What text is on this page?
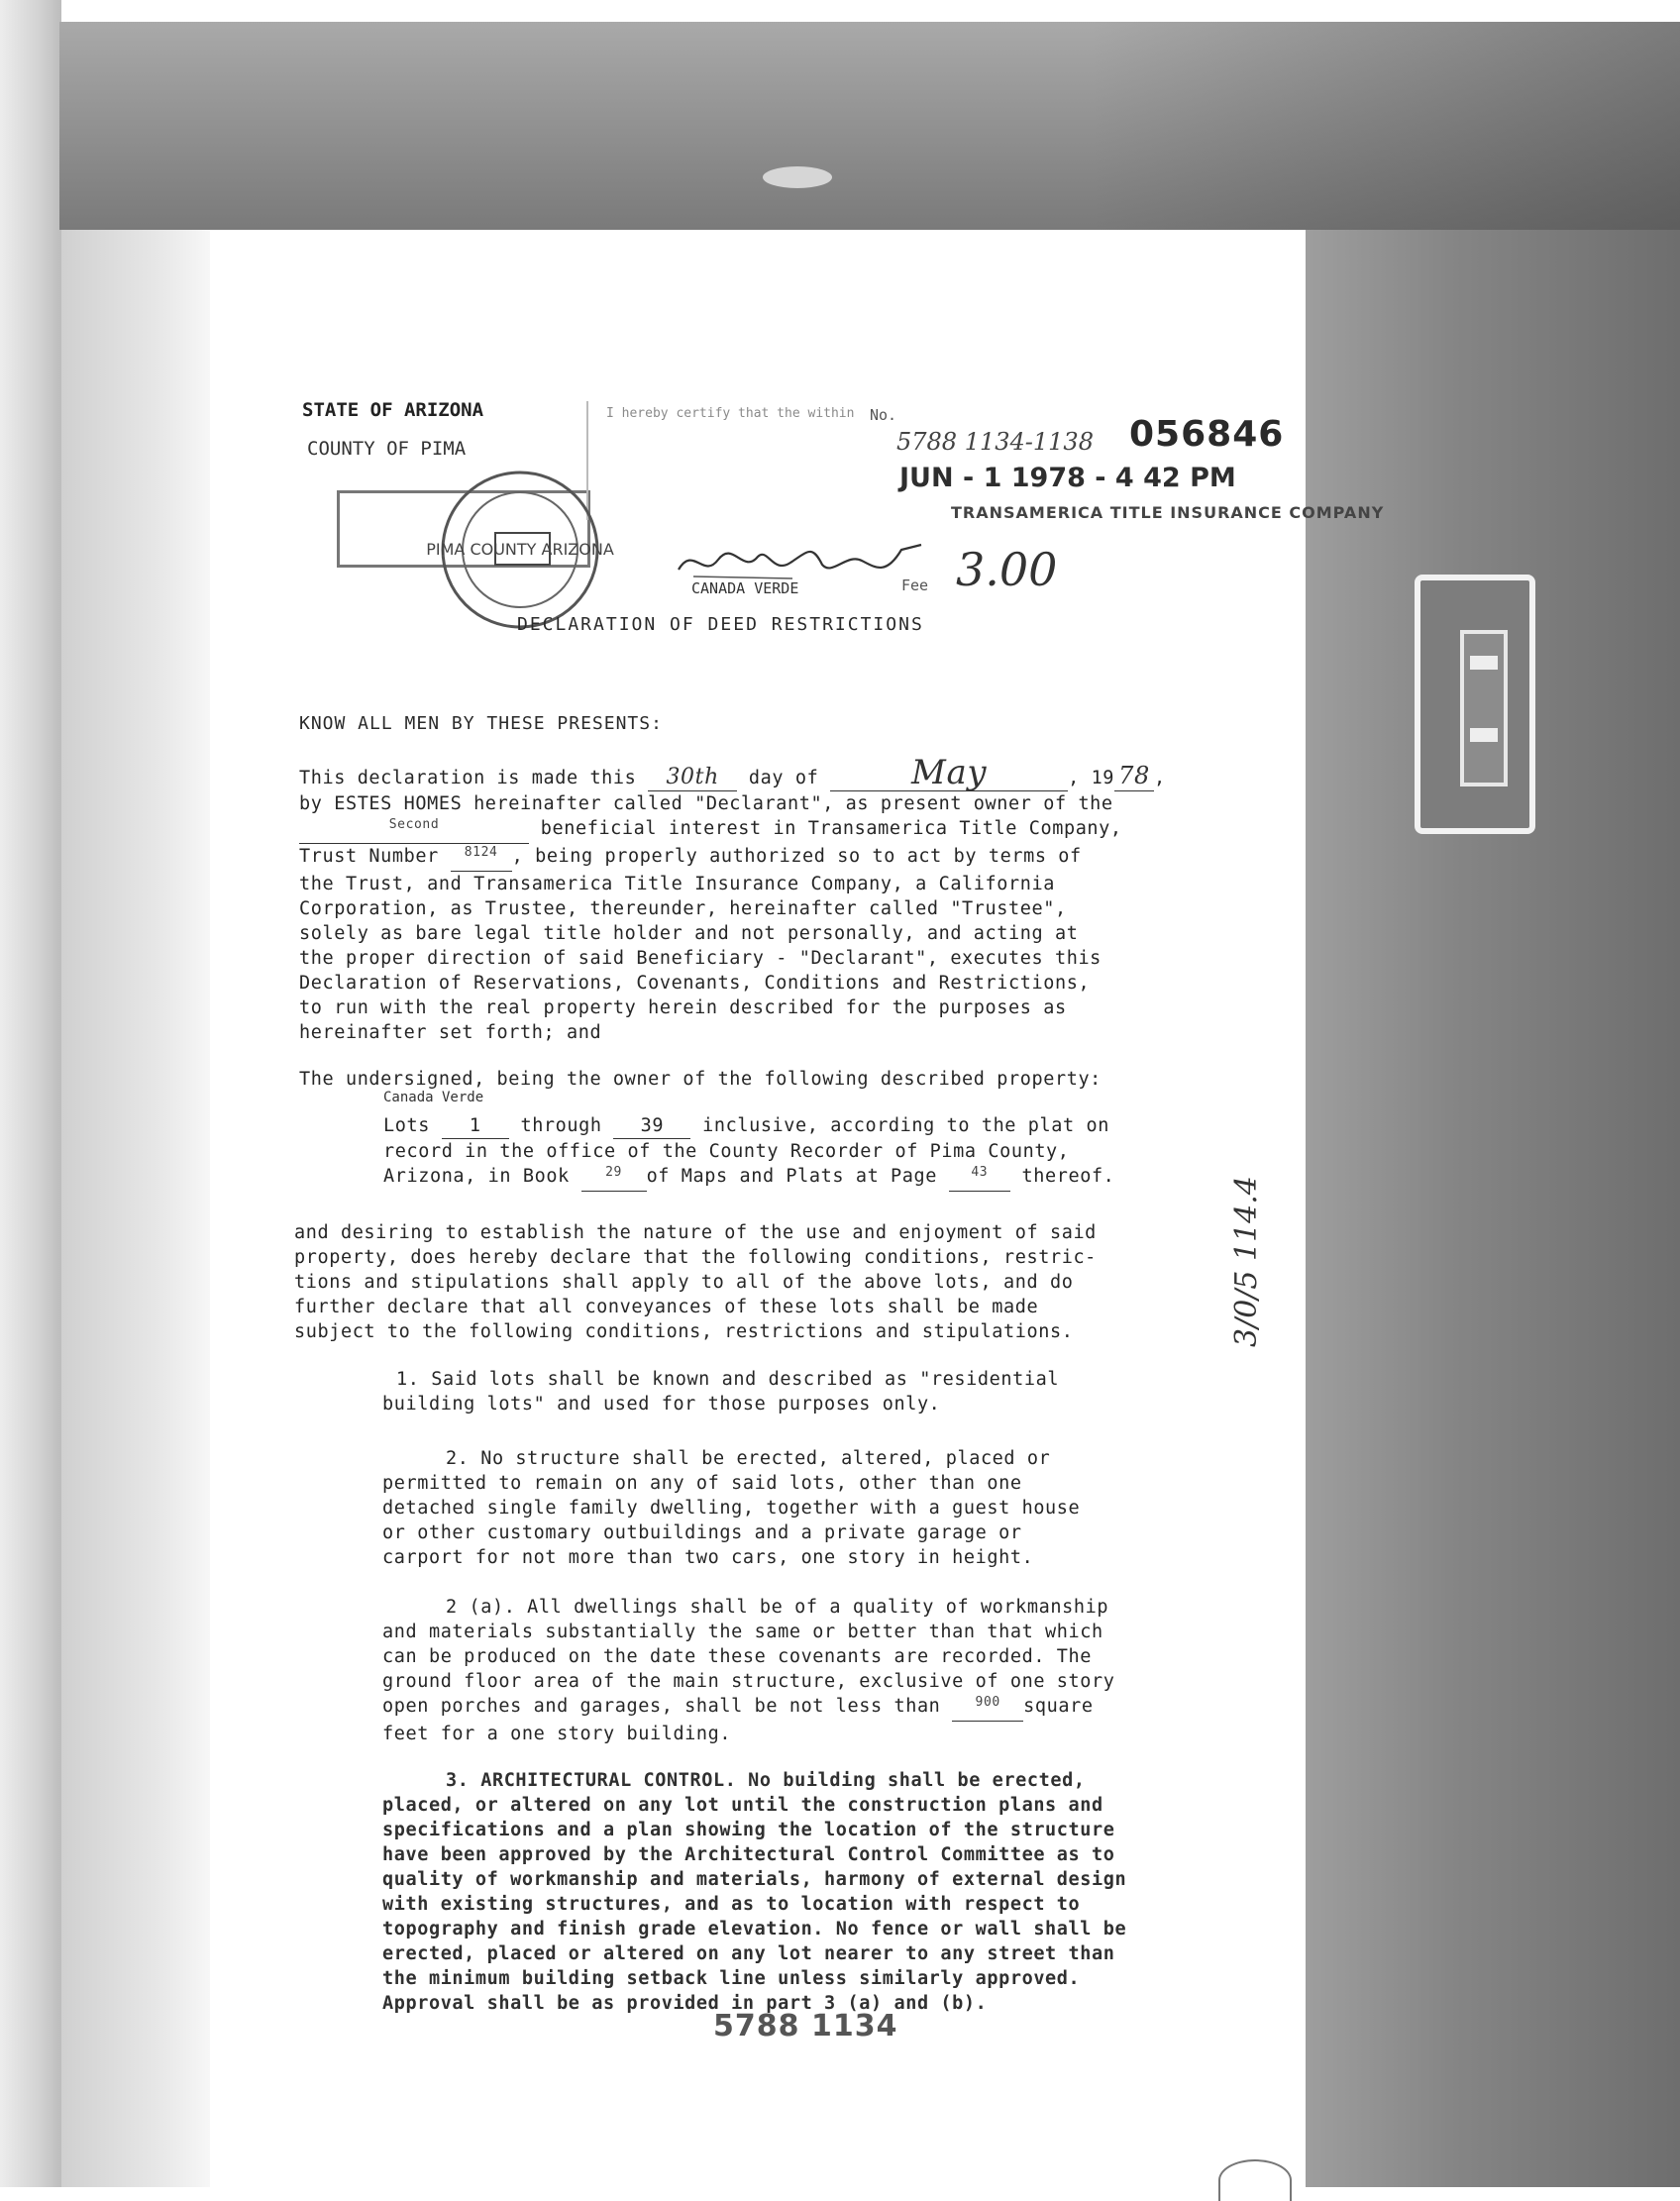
STATE OF ARIZONA
COUNTY OF PIMA
I hereby certify that the within No.	056846
5788 1134-1138
JUN - 1 1978 - 4 42 PM
TRANSAMERICA TITLE INSURANCE COMPANY
Fee 3.00
PIMA COUNTY ARIZONA
CANADA VERDE
DECLARATION OF DEED RESTRICTIONS
KNOW ALL MEN BY THESE PRESENTS:

This declaration is made this 30th day of	May	, 19 78 ,

by ESTES HOMES hereinafter called "Declarant", as present owner of the

$^{Second}$	beneficial interest in Transamerica Title Company,

Trust Number $^{8124}$ , being properly authorized so to act by terms of

the Trust, and Transamerica Title Insurance Company, a California

Corporation, as Trustee, thereunder, hereinafter called "Trustee",

solely as bare legal title holder and not personally, and acting at

the proper direction of said Beneficiary - "Declarant", executes this

Declaration of Reservations, Covenants, Conditions and Restrictions,

to run with the real property herein described for the purposes as

hereinafter set forth; and

The undersigned, being the owner of the following described property:
Canada Verde

Lots 1 through 39 inclusive, according to the plat on

record in the office of the County Recorder of Pima County,

Arizona, in Book	$^{29}$ of Maps and Plats at Page	$^{43}$ thereof.

and desiring to establish the nature of the use and enjoyment of said

property, does hereby declare that the following conditions, restric-

tions and stipulations shall apply to all of the above lots, and do

further declare that all conveyances of these lots shall be made

subject to the following conditions, restrictions and stipulations.

1. Said lots shall be known and described as "residential

building lots" and used for those purposes only.

2. No structure shall be erected, altered, placed or

permitted to remain on any of said lots, other than one

detached single family dwelling, together with a guest house

or other customary outbuildings and a private garage or

carport for not more than two cars, one story in height.

2 (a). All dwellings shall be of a quality of workmanship

and materials substantially the same or better than that which

can be produced on the date these covenants are recorded. The

ground floor area of the main structure, exclusive of one story

open porches and garages, shall be not less than	$^{900}$ square

feet for a one story building.

3. ARCHITECTURAL CONTROL. No building shall be erected,

placed, or altered on any lot until the construction plans and

specifications and a plan showing the location of the structure

have been approved by the Architectural Control Committee as to

quality of workmanship and materials, harmony of external design

with existing structures, and as to location with respect to

topography and finish grade elevation. No fence or wall shall be

erected, placed or altered on any lot nearer to any street than

the minimum building setback line unless similarly approved.

Approval shall be as provided in part 3 (a) and (b).

3/0/5 114.4
5788 1134
